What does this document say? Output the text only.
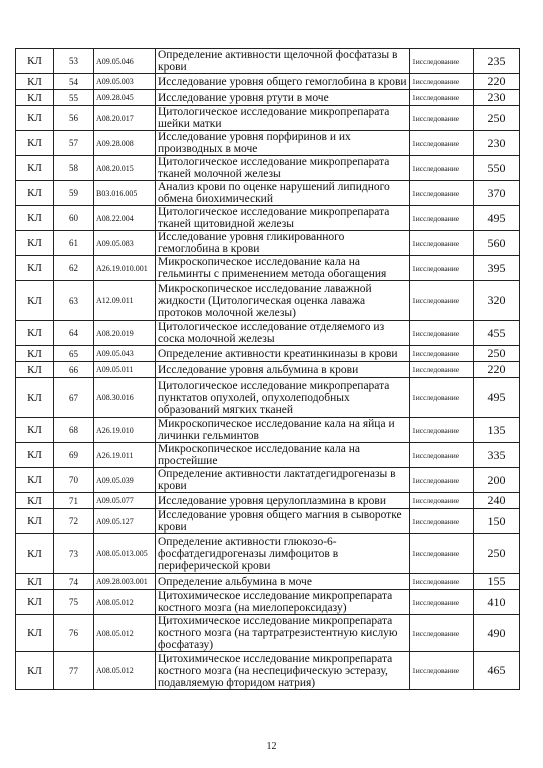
КЛ	53	A09.05.046	Определение активности щелочной фосфатазы в крови	1исследование	235
КЛ	54	A09.05.003	Исследование уровня общего гемоглобина в крови	1исследование	220
КЛ	55	A09.28.045	Исследование уровня ртути в моче	1исследование	230
КЛ	56	A08.20.017	Цитологическое исследование микропрепарата шейки матки	1исследование	250
КЛ	57	A09.28.008	Исследование уровня порфиринов и их производных в моче	1исследование	230
КЛ	58	A08.20.015	Цитологическое исследование микропрепарата тканей молочной железы	1исследование	550
КЛ	59	B03.016.005	Анализ крови по оценке нарушений липидного обмена биохимический	1исследование	370
КЛ	60	A08.22.004	Цитологическое исследование микропрепарата тканей щитовидной железы	1исследование	495
КЛ	61	A09.05.083	Исследование уровня гликированного гемоглобина в крови	1исследование	560
КЛ	62	A26.19.010.001	Микроскопическое исследование кала на гельминты с применением метода обогащения	1исследование	395
КЛ	63	A12.09.011	Микроскопическое исследование лаважной жидкости (Цитологическая оценка лаважа протоков молочной железы)	1исследование	320
КЛ	64	A08.20.019	Цитологическое исследование отделяемого из соска молочной железы	1исследование	455
КЛ	65	A09.05.043	Определение активности креатинкиназы в крови	1исследование	250
КЛ	66	A09.05.011	Исследование уровня альбумина в крови	1исследование	220
КЛ	67	A08.30.016	Цитологическое исследование микропрепарата пунктатов опухолей, опухолеподобных образований мягких тканей	1исследование	495
КЛ	68	A26.19.010	Микроскопическое исследование кала на яйца и личинки гельминтов	1исследование	135
КЛ	69	A26.19.011	Микроскопическое исследование кала на простейшие	1исследование	335
КЛ	70	A09.05.039	Определение активности лактатдегидрогеназы в крови	1исследование	200
КЛ	71	A09.05.077	Исследование уровня церулоплазмина в крови	1исследование	240
КЛ	72	A09.05.127	Исследование уровня общего магния в сыворотке крови	1исследование	150
КЛ	73	A08.05.013.005	Определение активности глюкозо-6-фосфатдегидрогеназы лимфоцитов в периферической крови	1исследование	250
КЛ	74	A09.28.003.001	Определение альбумина в моче	1исследование	155
КЛ	75	A08.05.012	Цитохимическое исследование микропрепарата костного мозга (на миелопероксидазу)	1исследование	410
КЛ	76	A08.05.012	Цитохимическое исследование микропрепарата костного мозга (на тартратрезистентную кислую фосфатазу)	1исследование	490
КЛ	77	A08.05.012	Цитохимическое исследование микропрепарата костного мозга (на неспецифическую эстеразу, подавляемую фторидом натрия)	1исследование	465
12
